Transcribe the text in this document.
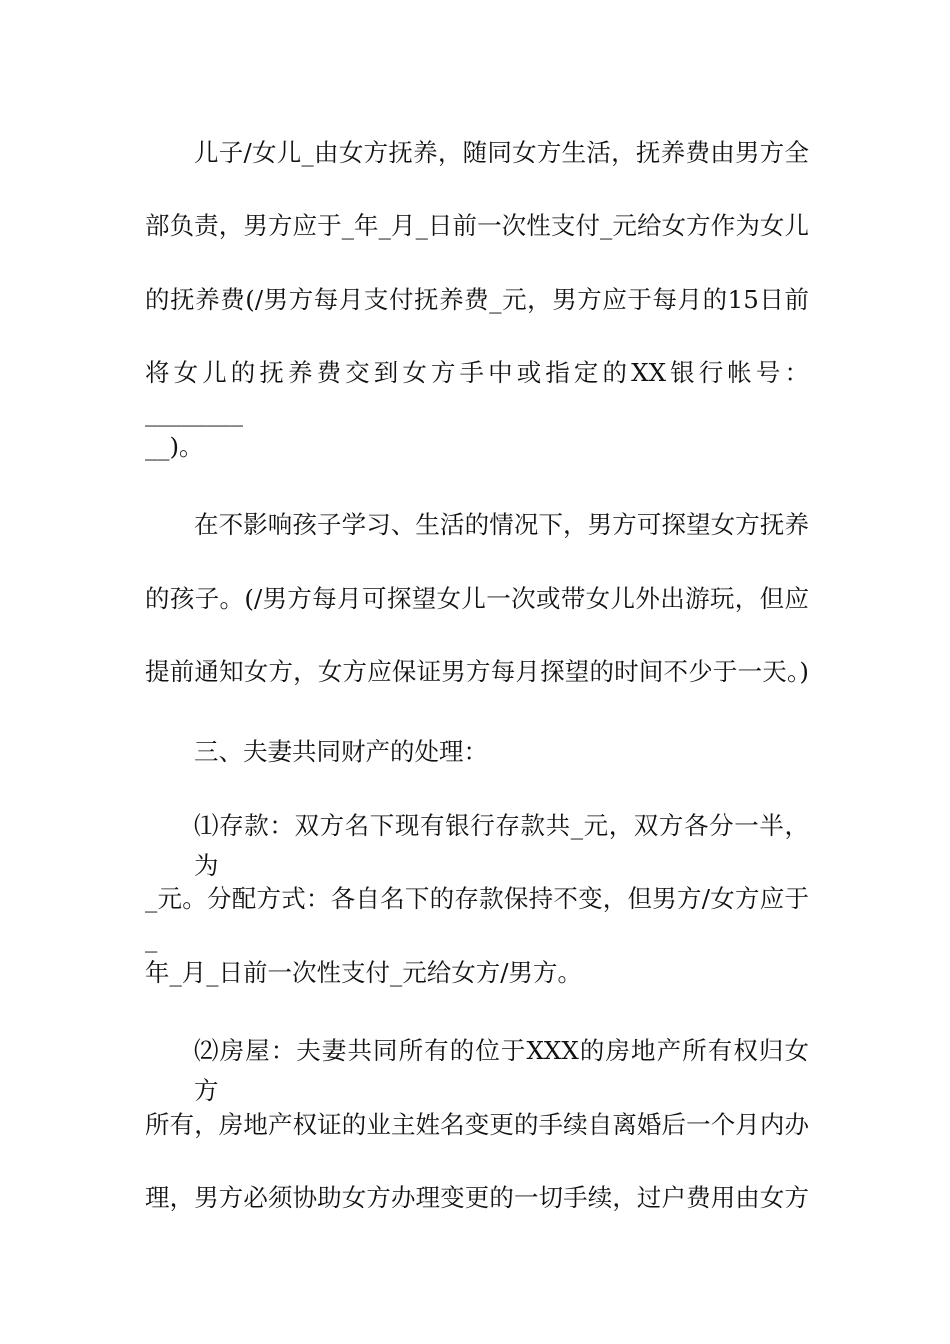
儿子/女儿_由女方抚养，随同女方生活，抚养费由男方全
部负责，男方应于_年_月_日前一次性支付_元给女方作为女儿
的抚养费(/男方每月支付抚养费_元，男方应于每月的15日前
将女儿的抚养费交到女方手中或指定的XX银行帐号：________
__)。
在不影响孩子学习、生活的情况下，男方可探望女方抚养
的孩子。(/男方每月可探望女儿一次或带女儿外出游玩，但应
提前通知女方，女方应保证男方每月探望的时间不少于一天。)
三、夫妻共同财产的处理：
⑴存款：双方名下现有银行存款共_元，双方各分一半，为
_元。分配方式：各自名下的存款保持不变，但男方/女方应于_
年_月_日前一次性支付_元给女方/男方。
⑵房屋：夫妻共同所有的位于XXX的房地产所有权归女方
所有，房地产权证的业主姓名变更的手续自离婚后一个月内办
理，男方必须协助女方办理变更的一切手续，过户费用由女方
